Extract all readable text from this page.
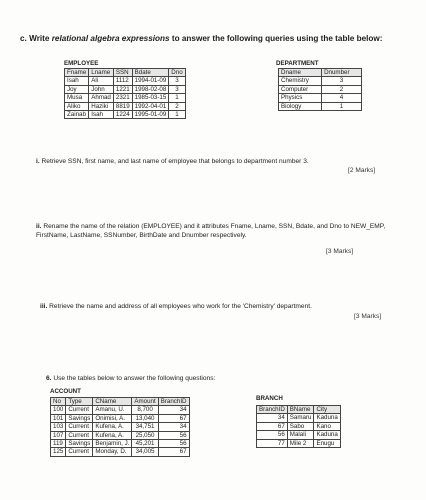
c. Write relational algebra expressions to answer the following queries using the table below:
EMPLOYEE
Fname	Lname	SSN	Bdate	Dno
Isah	Ali	1112	1994-01-09	3
Joy	John	1221	1998-02-08	3
Musa	Ahmad	2321	1985-03-15	1
Aliko	Haziki	8819	1992-04-01	2
Zainab	Isah	1224	1995-01-09	1
DEPARTMENT
Dname	Dnumber
Chemistry	3
Computer	2
Physics	4
Biology	1
i. Retrieve SSN, first name, and last name of employee that belongs to department number 3.
[2 Marks]
ii. Rename the name of the relation (EMPLOYEE) and it attributes Fname, Lname, SSN, Bdate, and Dno to NEW_EMP, FirstName, LastName, SSNumber, BirthDate and Dnumber respectively.
[3 Marks]
iii. Retrieve the name and address of all employees who work for the 'Chemistry' department.
[3 Marks]
6. Use the tables below to answer the following questions:
ACCOUNT
No	Type	CName	Amount	BranchID
100	Current	Amanu, U.	8,700	34
101	Savings	Onimisi, A.	13,040	67
103	Current	Kufena, A.	34,751	34
107	Current	Kufena, A.	25,050	56
119	Savings	Benjamin, J.	45,201	56
125	Current	Monday, D.	34,005	67
BRANCH
BranchID	BName	City
34	Samaru	Kaduna
67	Sabo	Kano
56	Malali	Kaduna
77	Mile 2	Enugu
